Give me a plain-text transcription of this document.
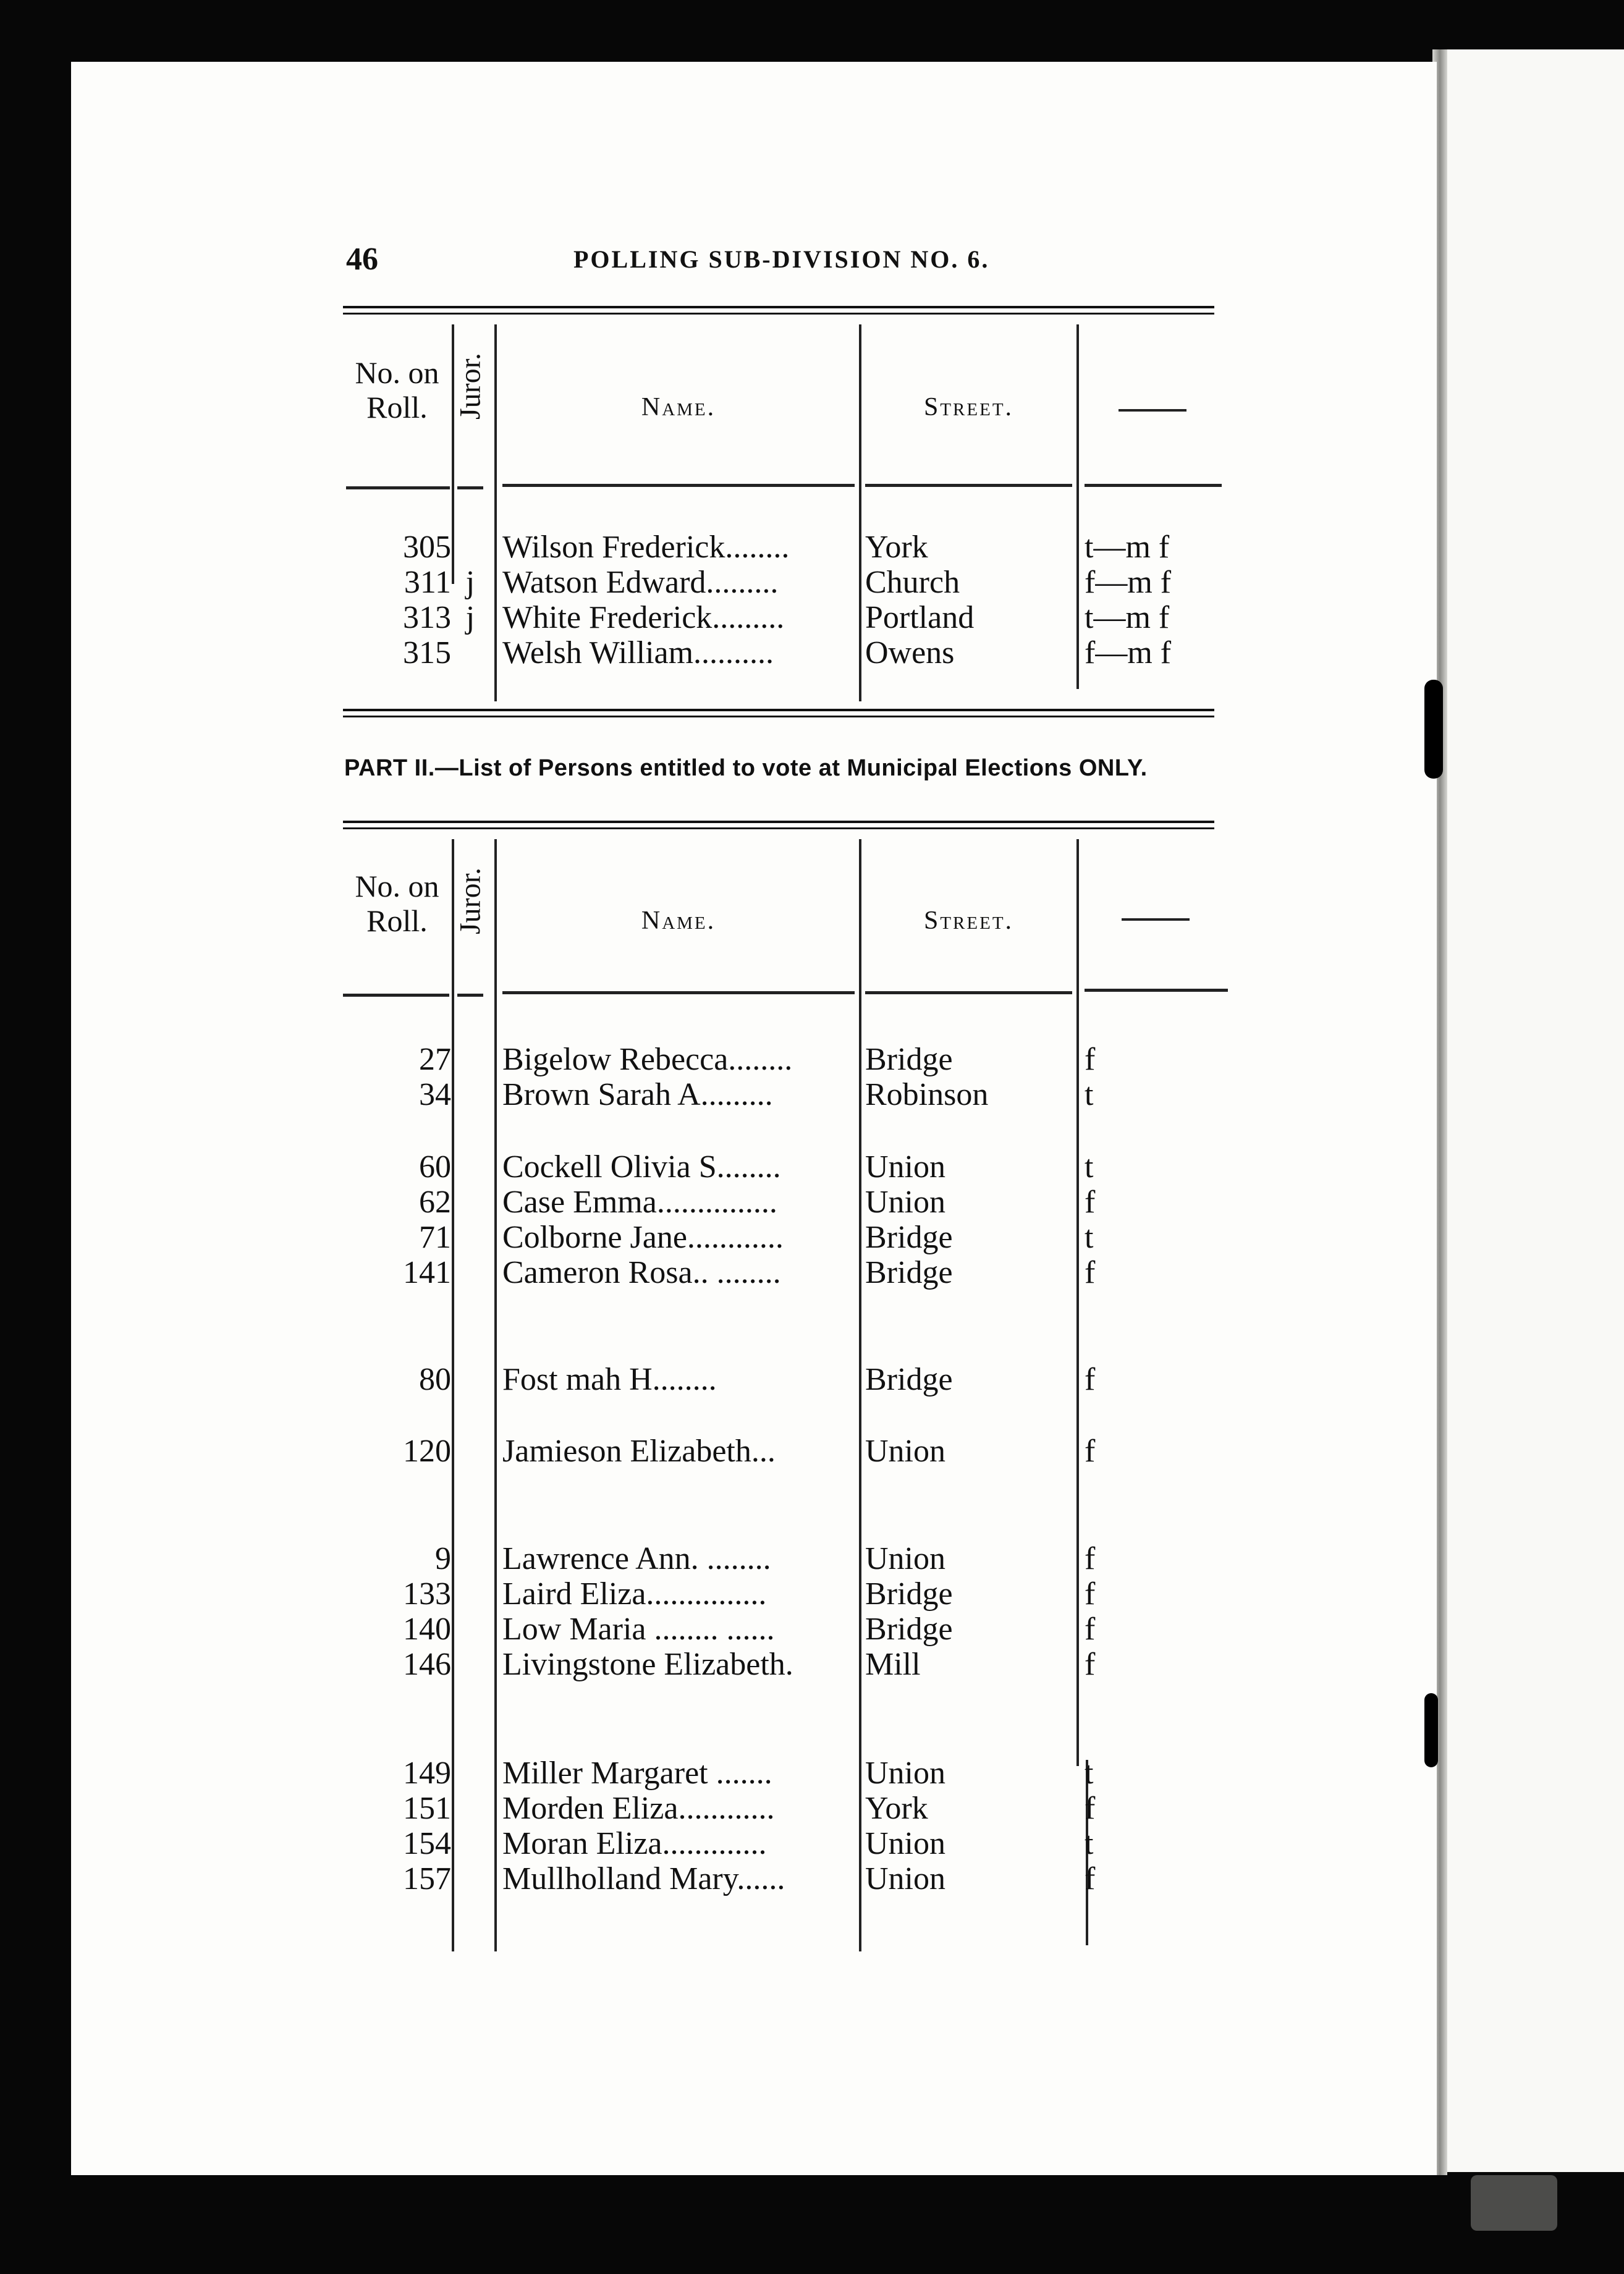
46	POLLING SUB-DIVISION NO. 6.
No. on
Roll. Juror.	Name.	Street.
305 Wilson Frederick........	York	t—m f
311 j Watson Edward.........	Church	f—m f
313 j White Frederick.........	Portland	t—m f
315 Welsh William..........	Owens	f—m f
PART II.—List of Persons entitled to vote at Municipal Elections ONLY.
No. on
Roll. Juror.	Name.	Street.
27 Bigelow Rebecca........	Bridge	f
34 Brown Sarah A.........	Robinson	t
60 Cockell Olivia S........	Union	t
62 Case Emma...............	Union	f
71 Colborne Jane............	Bridge	t
141 Cameron Rosa.. ........	Bridge	f
80 Fost mah H........	Bridge	f
120 Jamieson Elizabeth...	Union	f
9 Lawrence Ann. ........	Union	f
133 Laird Eliza...............	Bridge	f
140 Low Maria ........ ......	Bridge	f
146 Livingstone Elizabeth.	Mill	f
149 Miller Margaret .......	Union	t
151 Morden Eliza............	York	f
154 Moran Eliza.............	Union	t
157 Mullholland Mary......	Union	f
